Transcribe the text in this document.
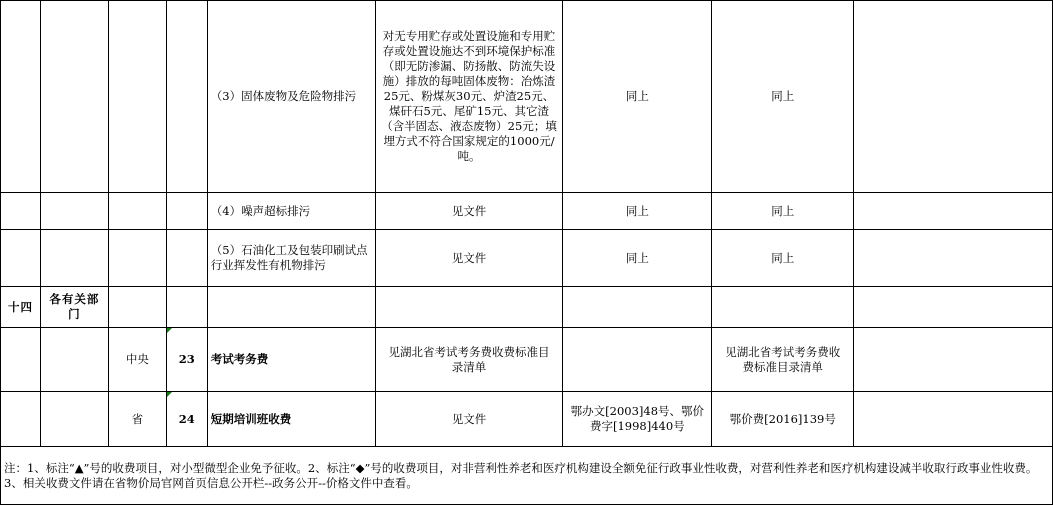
				（3）固体废物及危险物排污	对无专用贮存或处置设施和专用贮存或处置设施达不到环境保护标准（即无防渗漏、防扬散、防流失设施）排放的每吨固体废物：冶炼渣25元、粉煤灰30元、炉渣25元、煤矸石5元、尾矿15元、其它渣（含半固态、液态废物）25元；填埋方式不符合国家规定的1000元/吨。	同上	同上	
				（4）噪声超标排污	见文件	同上	同上	
				（5）石油化工及包装印刷试点行业挥发性有机物排污	见文件	同上	同上	
十四	各有关部门							
		中央	23	考试考务费	见湖北省考试考务费收费标准目录清单		见湖北省考试考务费收费标准目录清单	
		省	24	短期培训班收费	见文件	鄂办文[2003]48号、鄂价费字[1998]440号	鄂价费[2016]139号	
注：1、标注“▲”号的收费项目，对小型微型企业免予征收。2、标注“◆”号的收费项目，对非营利性养老和医疗机构建设全额免征行政事业性收费，对营利性养老和医疗机构建设减半收取行政事业性收费。3、相关收费文件请在省物价局官网首页信息公开栏--政务公开--价格文件中查看。								
